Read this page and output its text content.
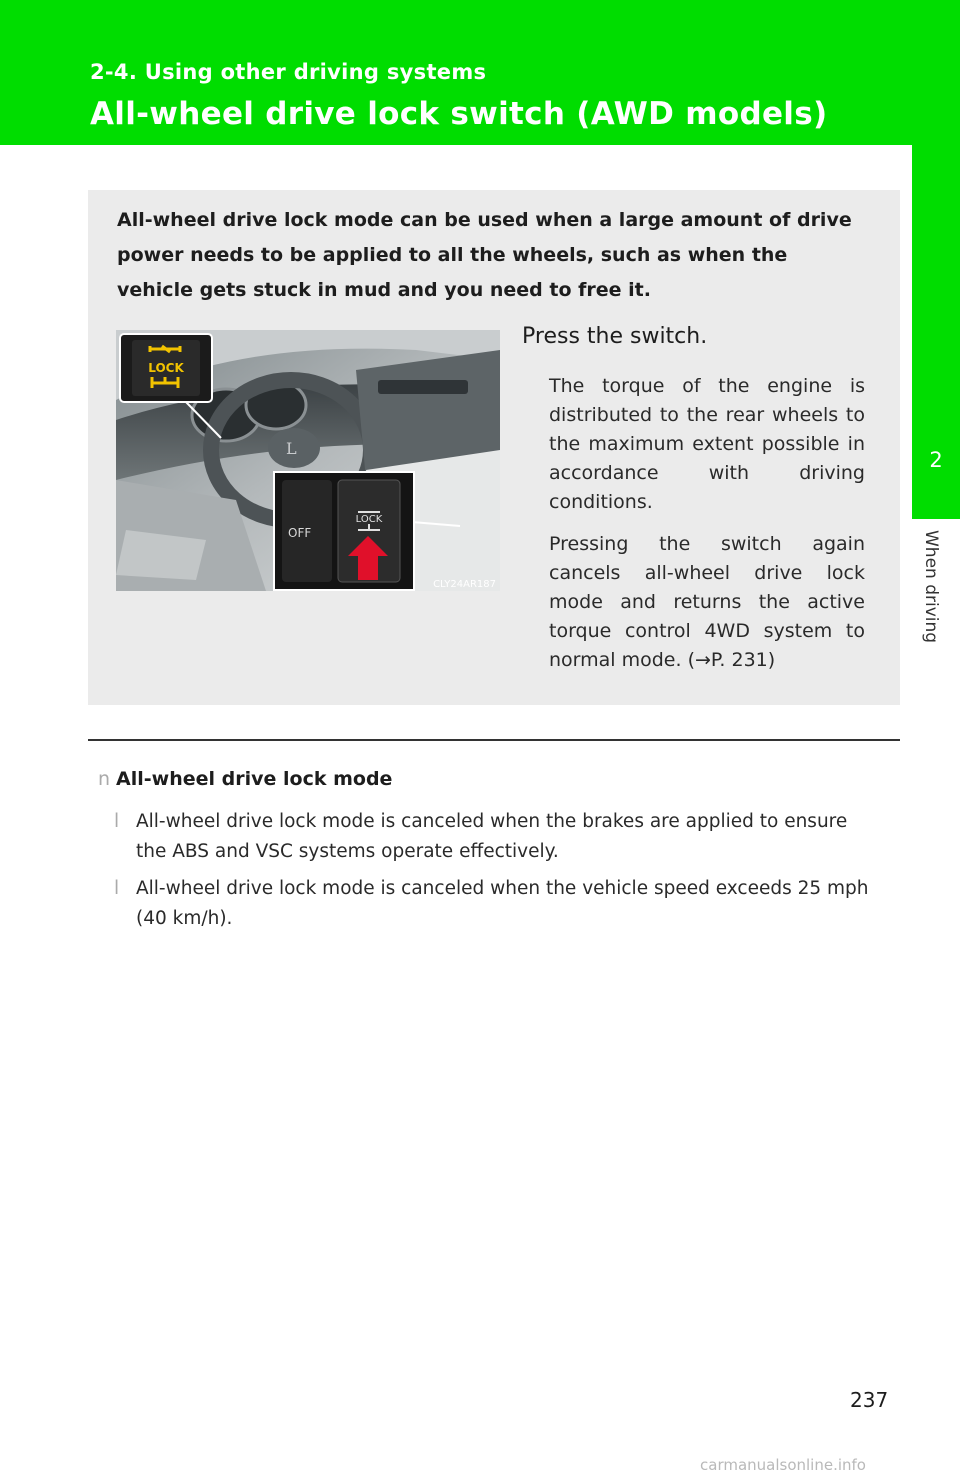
2-4. Using other driving systems
All-wheel drive lock switch (AWD models)
2
When driving
All-wheel drive lock mode can be used when a large amount of drive power needs to be applied to all the wheels, such as when the vehicle gets stuck in mud and you need to free it.
L
LOCK
OFF
LOCK
CLY24AR187
Press the switch.
The torque of the engine is distributed to the rear wheels to the maximum extent possible in accordance with driving conditions.
Pressing the switch again cancels all-wheel drive lock mode and returns the active torque control 4WD system to normal mode. (→P. 231)
n All-wheel drive lock mode
l All-wheel drive lock mode is canceled when the brakes are applied to ensure the ABS and VSC systems operate effectively.
l All-wheel drive lock mode is canceled when the vehicle speed exceeds 25 mph (40 km/h).
237
carmanualsonline.info
